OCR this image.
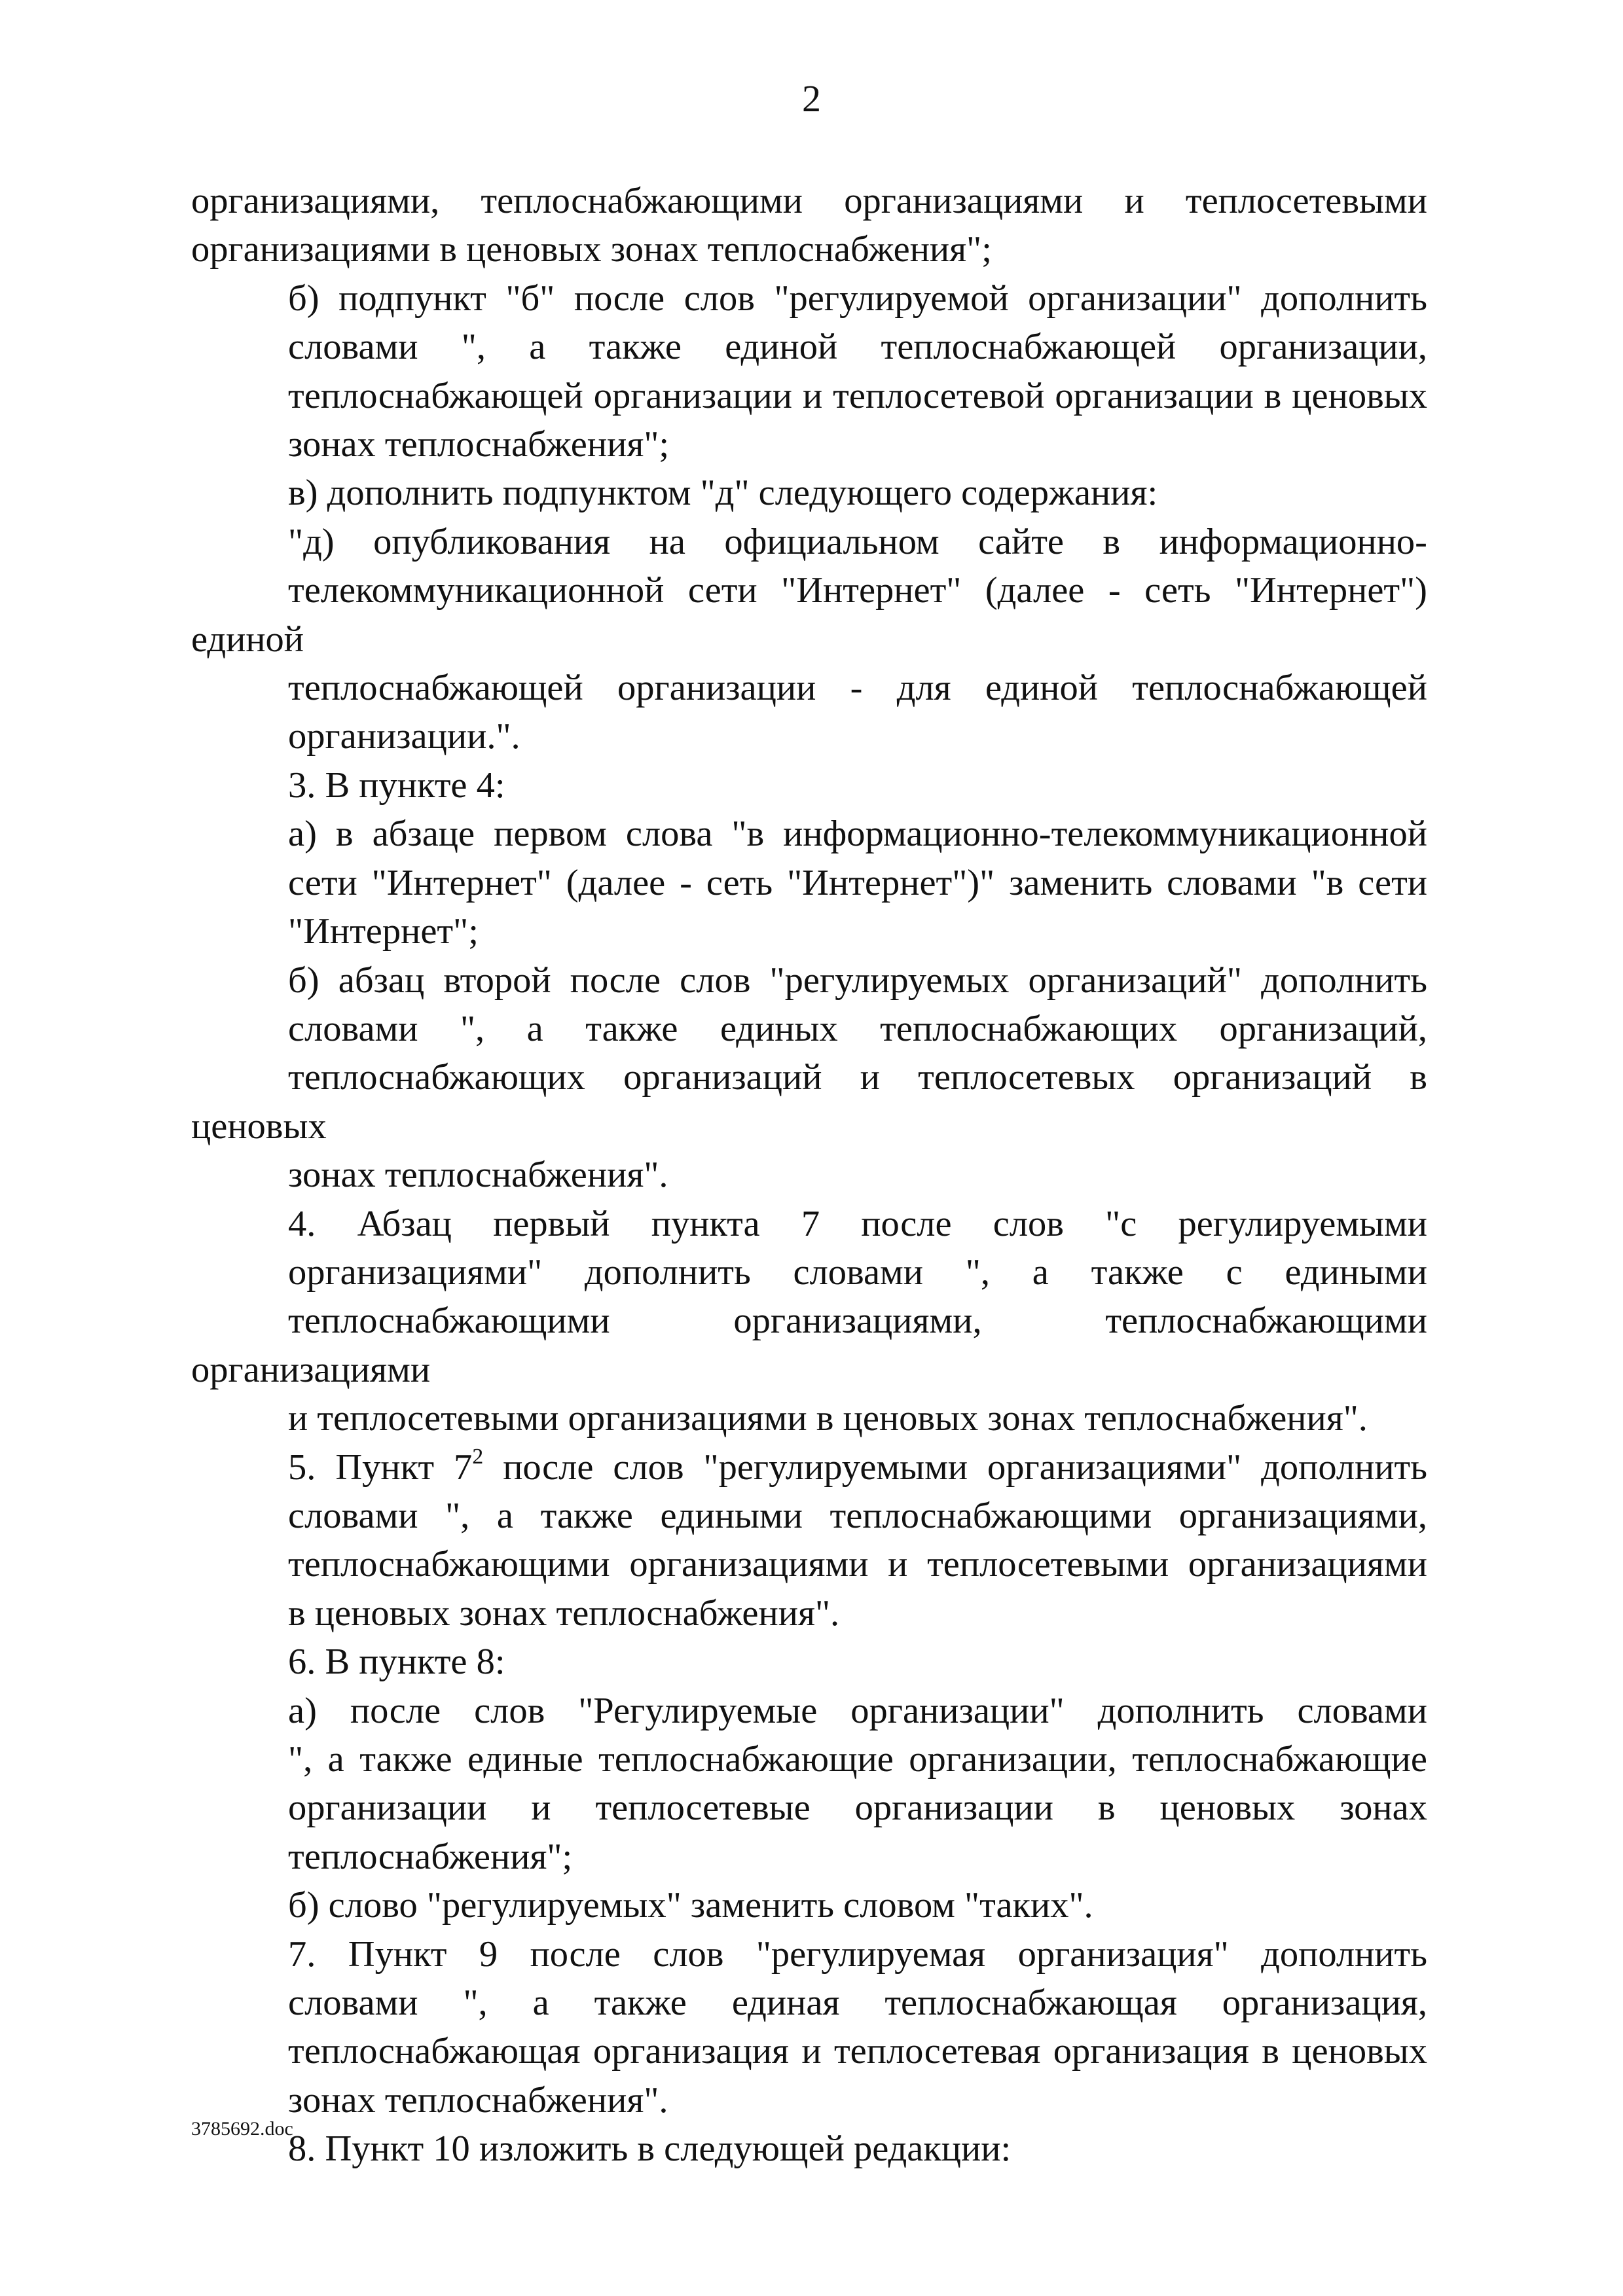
2

организациями, теплоснабжающими организациями и теплосетевыми
организациями в ценовых зонах теплоснабжения";

б) подпункт "б" после слов "регулируемой организации" дополнить
словами ", а также единой теплоснабжающей организации,
теплоснабжающей организации и теплосетевой организации в ценовых
зонах теплоснабжения";

в) дополнить подпунктом "д" следующего содержания:

"д) опубликования на официальном сайте в информационно-
телекоммуникационной сети "Интернет" (далее - сеть "Интернет") единой
теплоснабжающей организации - для единой теплоснабжающей
организации.".

3. В пункте 4:

а) в абзаце первом слова "в информационно-телекоммуникационной
сети "Интернет" (далее - сеть "Интернет")" заменить словами "в сети
"Интернет";

б) абзац второй после слов "регулируемых организаций" дополнить
словами ", а также единых теплоснабжающих организаций,
теплоснабжающих организаций и теплосетевых организаций в ценовых
зонах теплоснабжения".

4. Абзац первый пункта 7 после слов "с регулируемыми
организациями" дополнить словами ", а также с едиными
теплоснабжающими организациями, теплоснабжающими организациями
и теплосетевыми организациями в ценовых зонах теплоснабжения".

5. Пункт $7^2$ после слов "регулируемыми организациями" дополнить
словами ", а также едиными теплоснабжающими организациями,
теплоснабжающими организациями и теплосетевыми организациями
в ценовых зонах теплоснабжения".

6. В пункте 8:

а) после слов "Регулируемые организации" дополнить словами
", а также единые теплоснабжающие организации, теплоснабжающие
организации и теплосетевые организации в ценовых зонах
теплоснабжения";

б) слово "регулируемых" заменить словом "таких".

7. Пункт 9 после слов "регулируемая организация" дополнить
словами ", а также единая теплоснабжающая организация,
теплоснабжающая организация и теплосетевая организация в ценовых
зонах теплоснабжения".

8. Пункт 10 изложить в следующей редакции:

3785692.doc
